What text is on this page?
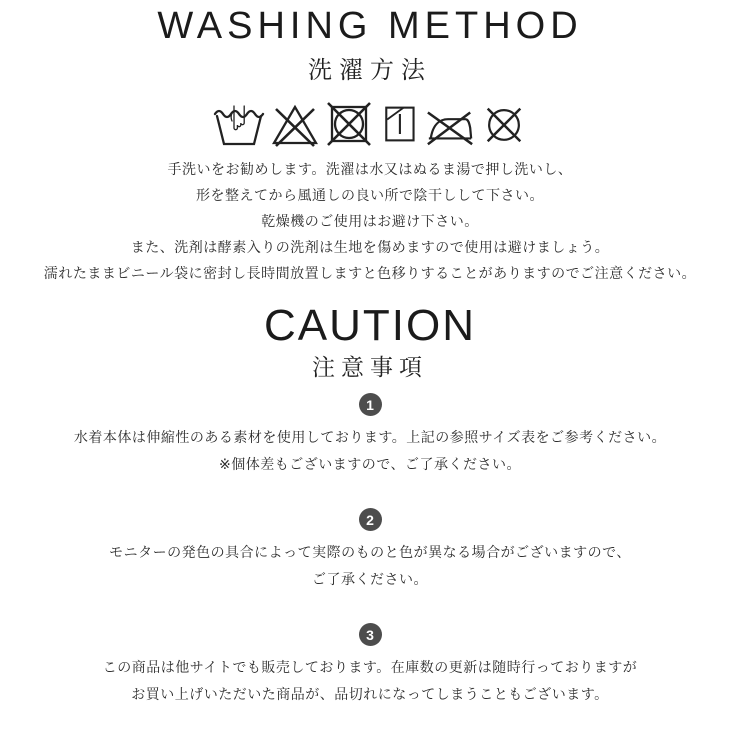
WASHING METHOD
洗濯方法
手洗いをお勧めします。洗濯は水又はぬるま湯で押し洗いし、
形を整えてから風通しの良い所で陰干しして下さい。
乾燥機のご使用はお避け下さい。
また、洗剤は酵素入りの洗剤は生地を傷めますので使用は避けましょう。
濡れたままビニール袋に密封し長時間放置しますと色移りすることがありますのでご注意ください。
CAUTION
注意事項
1
水着本体は伸縮性のある素材を使用しております。上記の参照サイズ表をご参考ください。
※個体差もございますので、ご了承ください。
2
モニターの発色の具合によって実際のものと色が異なる場合がございますので、
ご了承ください。
3
この商品は他サイトでも販売しております。在庫数の更新は随時行っておりますが
お買い上げいただいた商品が、品切れになってしまうこともございます。
